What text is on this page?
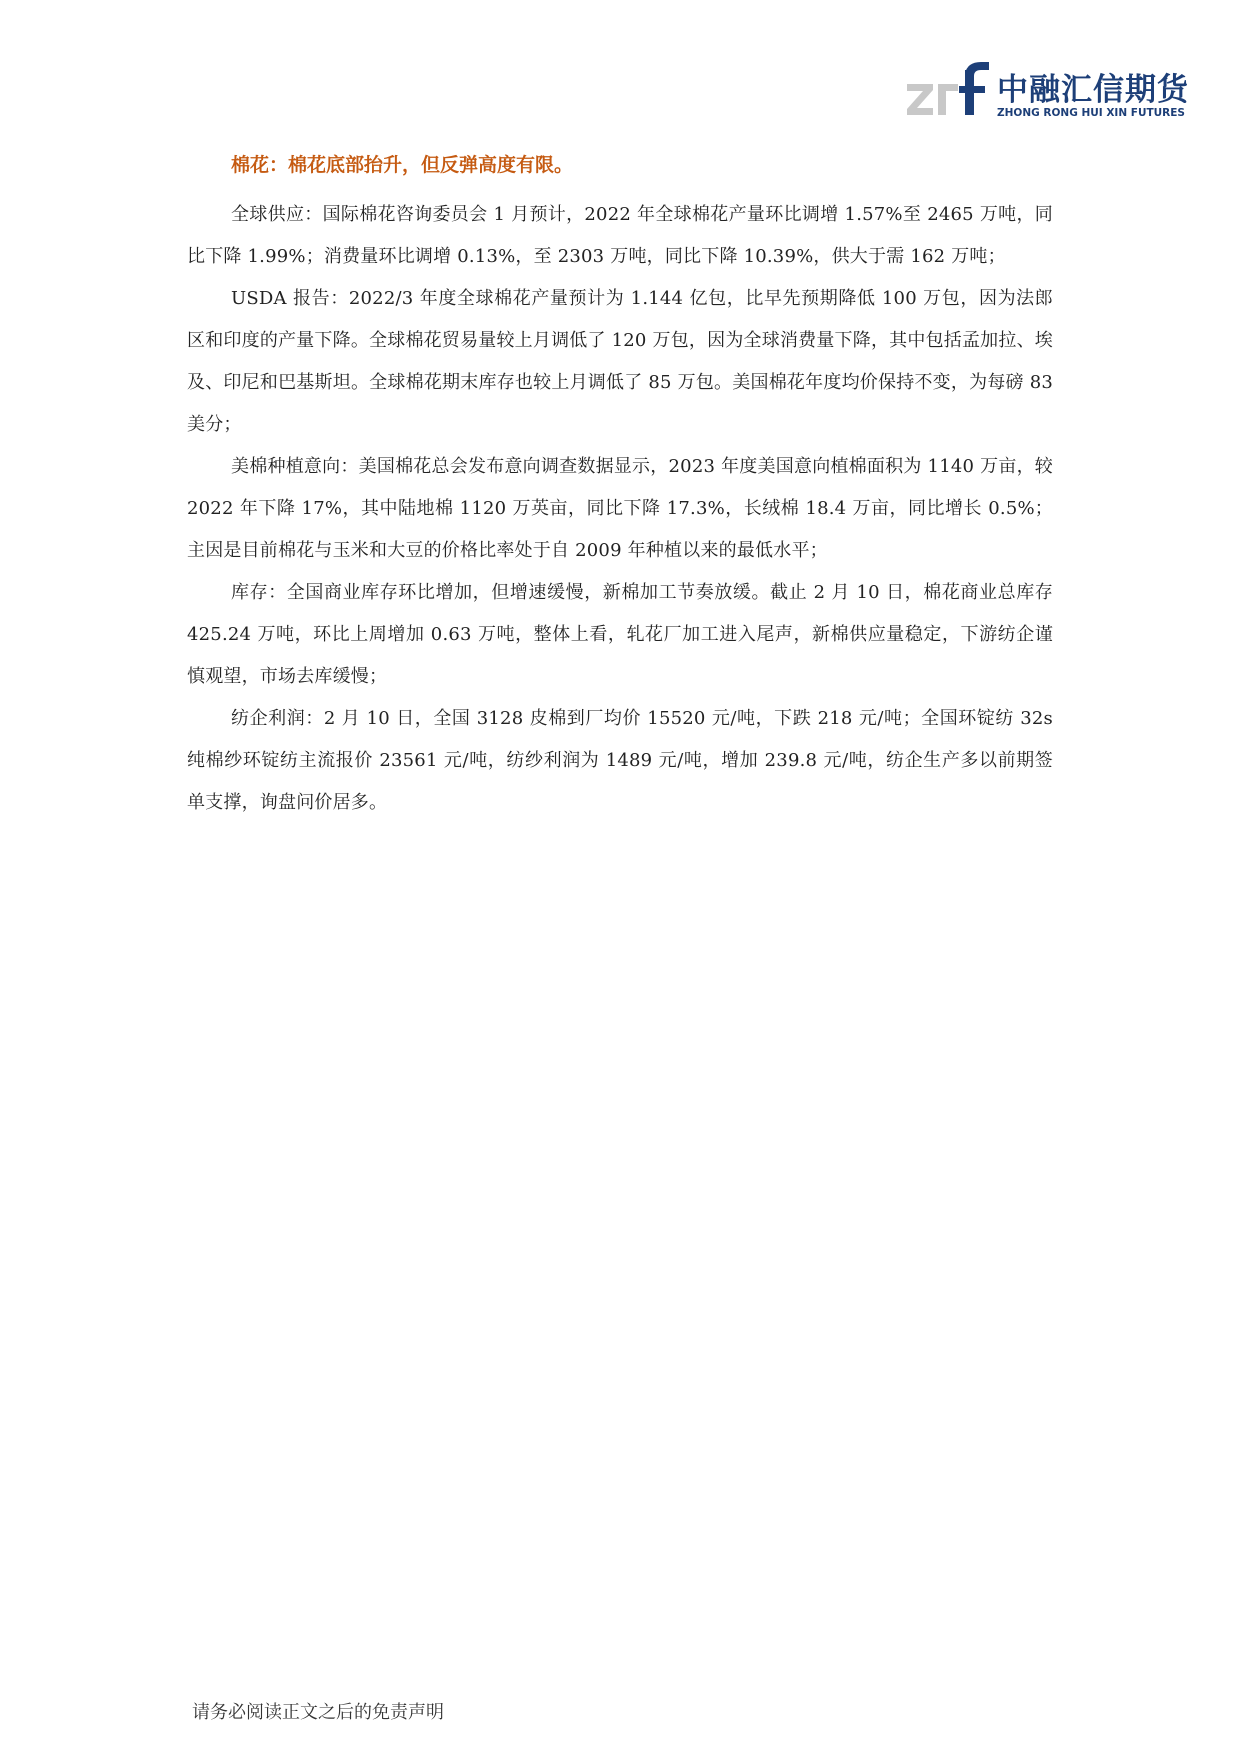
中融汇信期货
ZHONG RONG HUI XIN FUTURES
棉花：棉花底部抬升，但反弹高度有限。

全球供应：国际棉花咨询委员会 1 月预计，2022 年全球棉花产量环比调增 1.57%至 2465 万吨，同比下降 1.99%；消费量环比调增 0.13%，至 2303 万吨，同比下降 10.39%，供大于需 162 万吨；

USDA 报告：2022/3 年度全球棉花产量预计为 1.144 亿包，比早先预期降低 100 万包，因为法郎区和印度的产量下降。全球棉花贸易量较上月调低了 120 万包，因为全球消费量下降，其中包括孟加拉、埃及、印尼和巴基斯坦。全球棉花期末库存也较上月调低了 85 万包。美国棉花年度均价保持不变，为每磅 83 美分；

美棉种植意向：美国棉花总会发布意向调查数据显示，2023 年度美国意向植棉面积为 1140 万亩，较 2022 年下降 17%，其中陆地棉 1120 万英亩，同比下降 17.3%，长绒棉 18.4 万亩，同比增长 0.5%； 主因是目前棉花与玉米和大豆的价格比率处于自 2009 年种植以来的最低水平；

库存：全国商业库存环比增加，但增速缓慢，新棉加工节奏放缓。截止 2 月 10 日，棉花商业总库存 425.24 万吨，环比上周增加 0.63 万吨，整体上看，轧花厂加工进入尾声，新棉供应量稳定，下游纺企谨慎观望，市场去库缓慢；

纺企利润：2 月 10 日，全国 3128 皮棉到厂均价 15520 元/吨，下跌 218 元/吨；全国环锭纺 32s 纯棉纱环锭纺主流报价 23561 元/吨，纺纱利润为 1489 元/吨，增加 239.8 元/吨，纺企生产多以前期签单支撑，询盘问价居多。

请务必阅读正文之后的免责声明
